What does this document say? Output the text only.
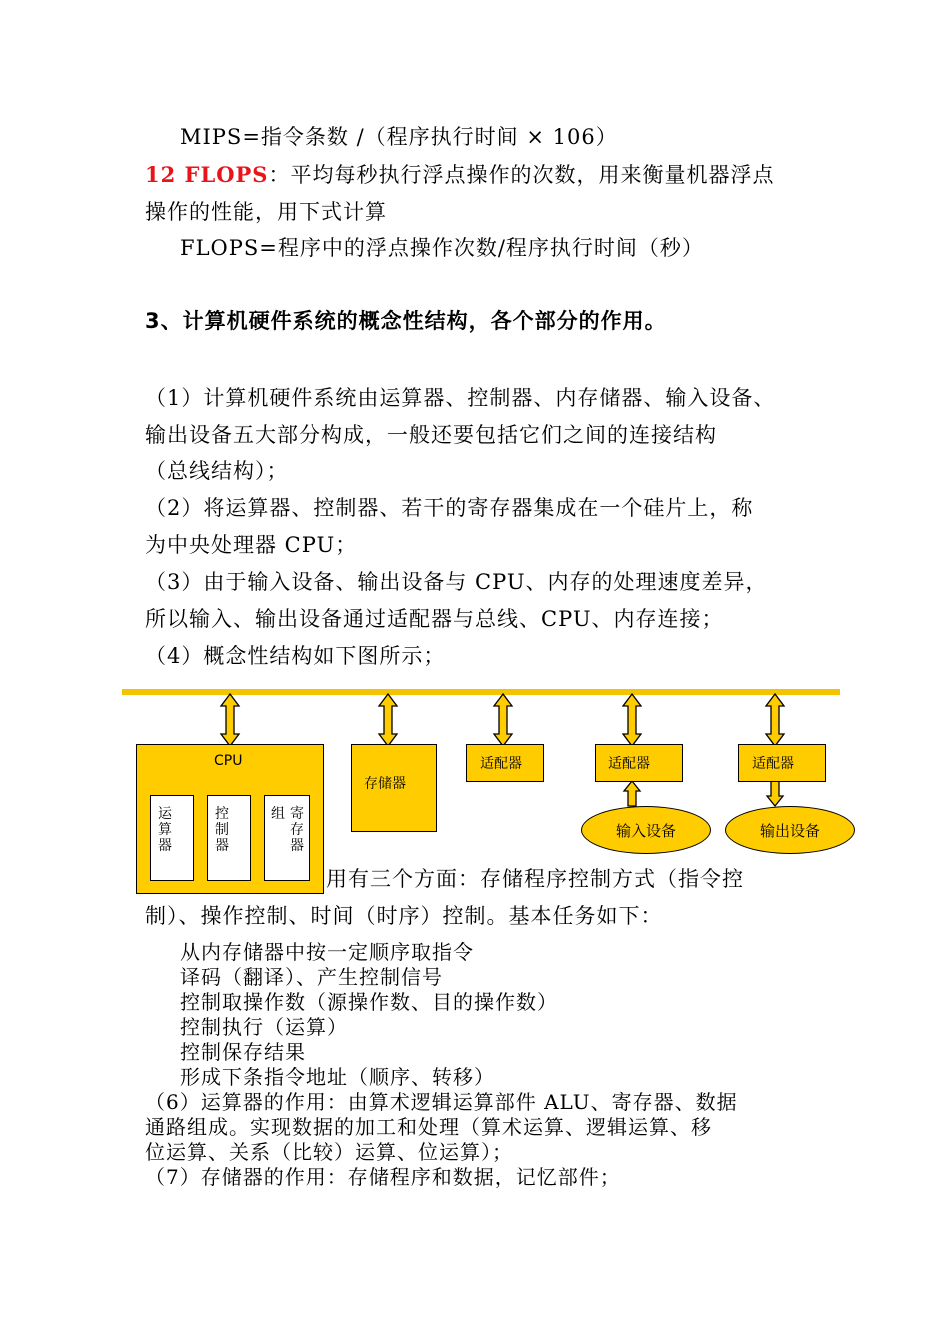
MIPS=指令条数 /（程序执行时间 × 106）
12 FLOPS：平均每秒执行浮点操作的次数，用来衡量机器浮点
操作的性能，用下式计算
FLOPS=程序中的浮点操作次数/程序执行时间（秒）
3、计算机硬件系统的概念性结构，各个部分的作用。
（1）计算机硬件系统由运算器、控制器、内存储器、输入设备、
输出设备五大部分构成，一般还要包括它们之间的连接结构
（总线结构）；
（2）将运算器、控制器、若干的寄存器集成在一个硅片上，称
为中央处理器 CPU；
（3）由于输入设备、输出设备与 CPU、内存的处理速度差异，
所以输入、输出设备通过适配器与总线、CPU、内存连接；
（4）概念性结构如下图所示；
CPU
运算器
控制器
组 寄存器
存储器
适配器	适配器	适配器
输入设备	输出设备
用有三个方面：存储程序控制方式（指令控
制）、操作控制、时间（时序）控制。基本任务如下：
从内存储器中按一定顺序取指令
译码（翻译）、产生控制信号
控制取操作数（源操作数、目的操作数）
控制执行（运算）
控制保存结果
形成下条指令地址（顺序、转移）
（6）运算器的作用：由算术逻辑运算部件 ALU、寄存器、数据
通路组成。实现数据的加工和处理（算术运算、逻辑运算、移
位运算、关系（比较）运算、位运算）；
（7）存储器的作用：存储程序和数据，记忆部件；
